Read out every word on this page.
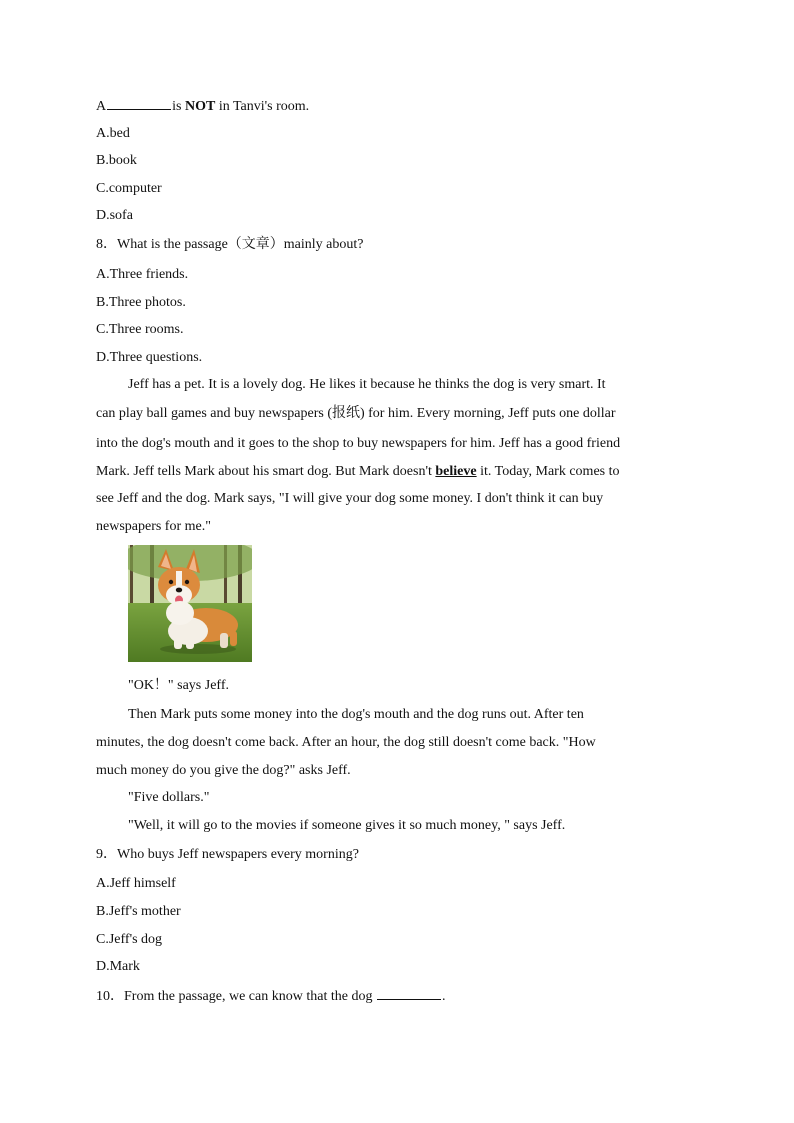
A	is NOT in Tanvi's room.
A.bed
B.book
C.computer
D.sofa
8．What is the passage（文章）mainly about?
A.Three friends.
B.Three photos.
C.Three rooms.
D.Three questions.
Jeff has a pet. It is a lovely dog. He likes it because he thinks the dog is very smart. It
can play ball games and buy newspapers (报纸) for him. Every morning, Jeff puts one dollar
into the dog's mouth and it goes to the shop to buy newspapers for him. Jeff has a good friend
Mark. Jeff tells Mark about his smart dog. But Mark doesn't believe it. Today, Mark comes to
see Jeff and the dog. Mark says, "I will give your dog some money. I don't think it can buy
newspapers for me."
"OK！" says Jeff.
Then Mark puts some money into the dog's mouth and the dog runs out. After ten
minutes, the dog doesn't come back. After an hour, the dog still doesn't come back. "How
much money do you give the dog?" asks Jeff.
"Five dollars."
"Well, it will go to the movies if someone gives it so much money, " says Jeff.
9．Who buys Jeff newspapers every morning?
A.Jeff himself
B.Jeff's mother
C.Jeff's dog
D.Mark
10．From the passage, we can know that the dog	.
